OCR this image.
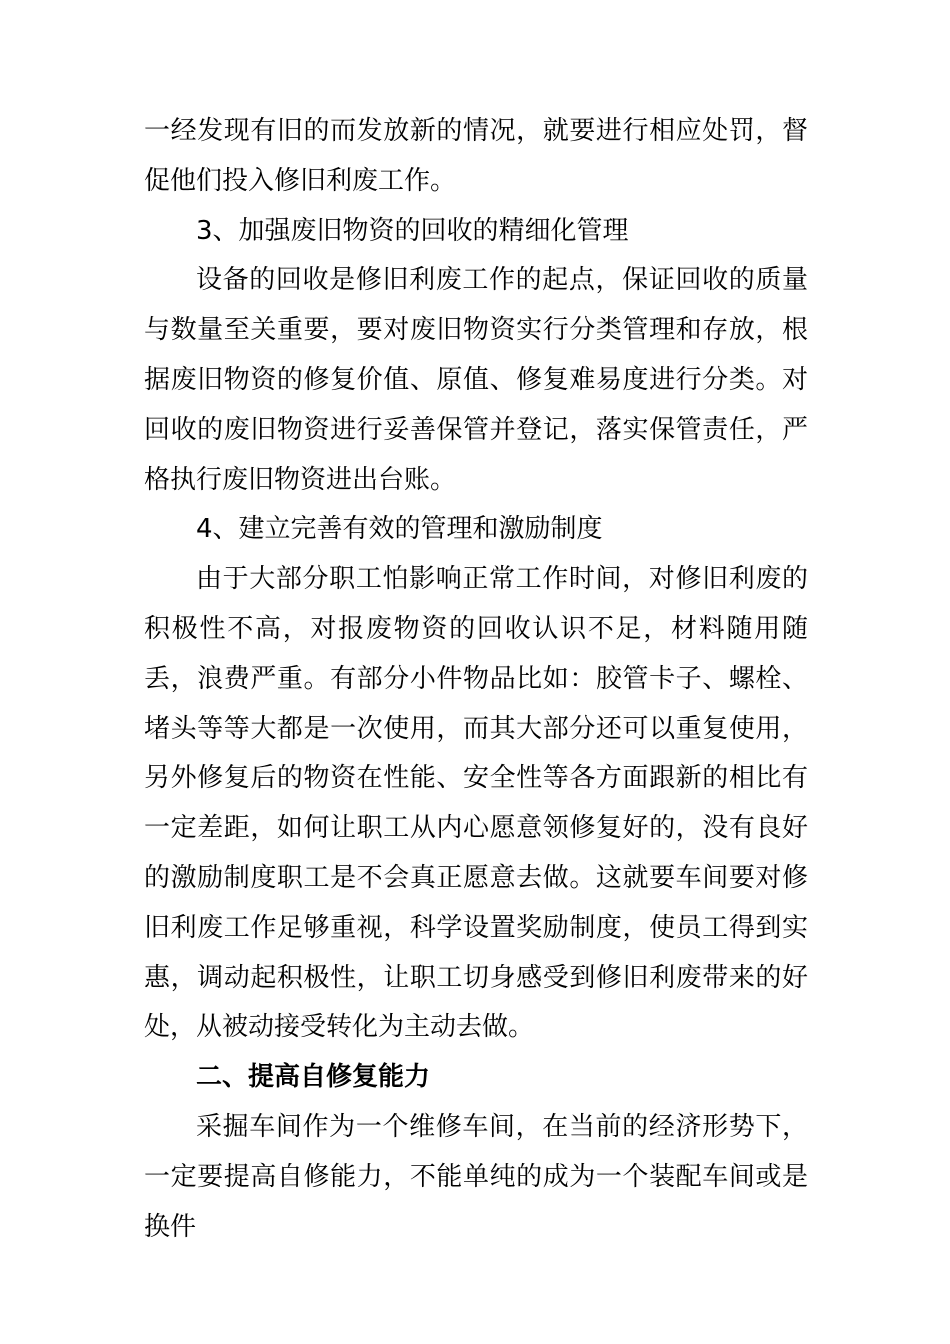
一经发现有旧的而发放新的情况，就要进行相应处罚，督促他们投入修旧利废工作。

3、加强废旧物资的回收的精细化管理

设备的回收是修旧利废工作的起点，保证回收的质量与数量至关重要，要对废旧物资实行分类管理和存放，根据废旧物资的修复价值、原值、修复难易度进行分类。对回收的废旧物资进行妥善保管并登记，落实保管责任，严格执行废旧物资进出台账。

4、建立完善有效的管理和激励制度

由于大部分职工怕影响正常工作时间，对修旧利废的积极性不高，对报废物资的回收认识不足，材料随用随丢，浪费严重。有部分小件物品比如：胶管卡子、螺栓、堵头等等大都是一次使用，而其大部分还可以重复使用，另外修复后的物资在性能、安全性等各方面跟新的相比有一定差距，如何让职工从内心愿意领修复好的，没有良好的激励制度职工是不会真正愿意去做。这就要车间要对修旧利废工作足够重视，科学设置奖励制度，使员工得到实惠，调动起积极性，让职工切身感受到修旧利废带来的好处，从被动接受转化为主动去做。

二、提高自修复能力

采掘车间作为一个维修车间，在当前的经济形势下，一定要提高自修能力，不能单纯的成为一个装配车间或是换件
